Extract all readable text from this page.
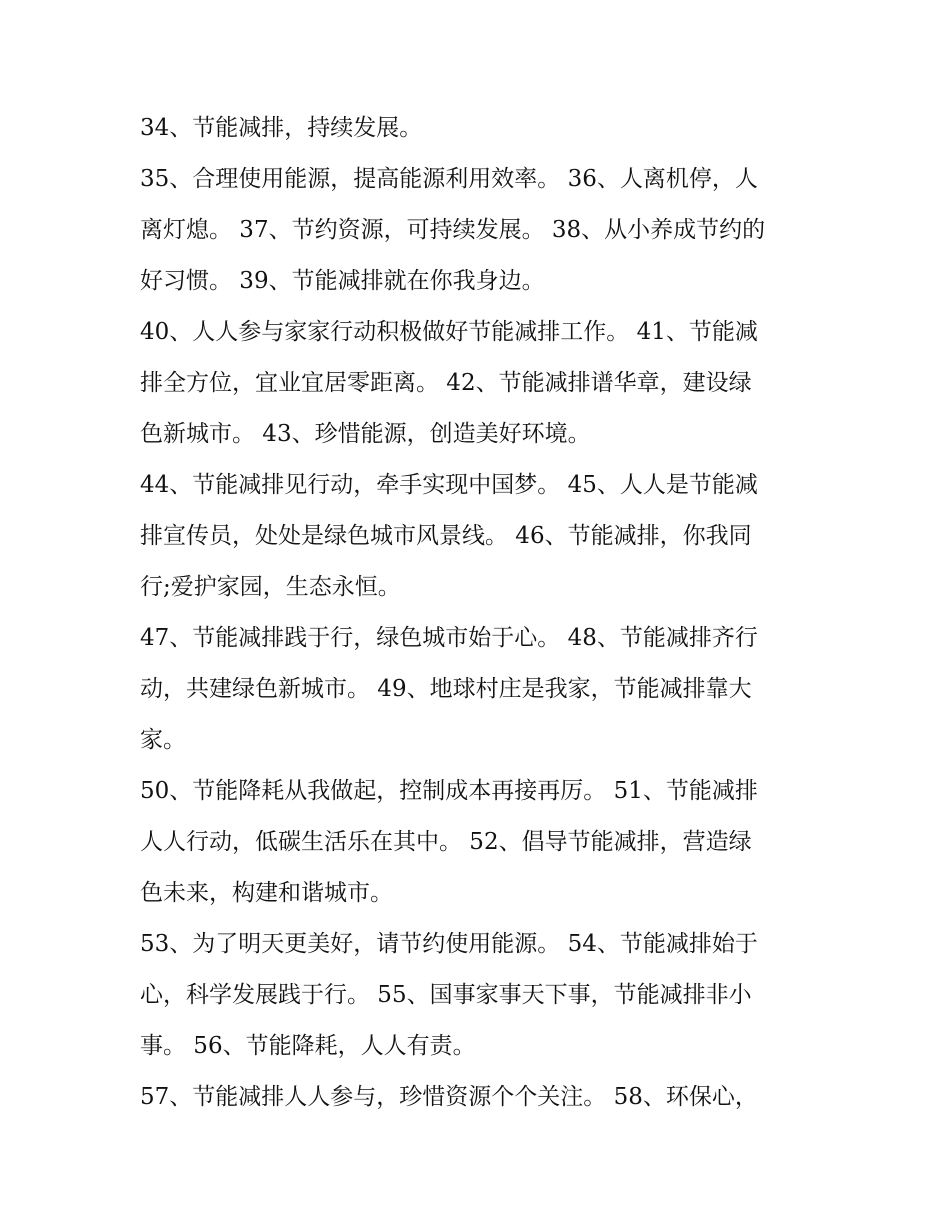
34、节能减排，持续发展。
35、合理使用能源，提高能源利用效率。 36、人离机停，人
离灯熄。 37、节约资源，可持续发展。 38、从小养成节约的
好习惯。 39、节能减排就在你我身边。
40、人人参与家家行动积极做好节能减排工作。 41、节能减
排全方位，宜业宜居零距离。 42、节能减排谱华章，建设绿
色新城市。 43、珍惜能源，创造美好环境。
44、节能减排见行动，牵手实现中国梦。 45、人人是节能减
排宣传员，处处是绿色城市风景线。 46、节能减排，你我同
行;爱护家园，生态永恒。
47、节能减排践于行，绿色城市始于心。 48、节能减排齐行
动，共建绿色新城市。 49、地球村庄是我家，节能减排靠大
家。
50、节能降耗从我做起，控制成本再接再厉。 51、节能减排
人人行动，低碳生活乐在其中。 52、倡导节能减排，营造绿
色未来，构建和谐城市。
53、为了明天更美好，请节约使用能源。 54、节能减排始于
心，科学发展践于行。 55、国事家事天下事，节能减排非小
事。 56、节能降耗，人人有责。
57、节能减排人人参与，珍惜资源个个关注。 58、环保心，
